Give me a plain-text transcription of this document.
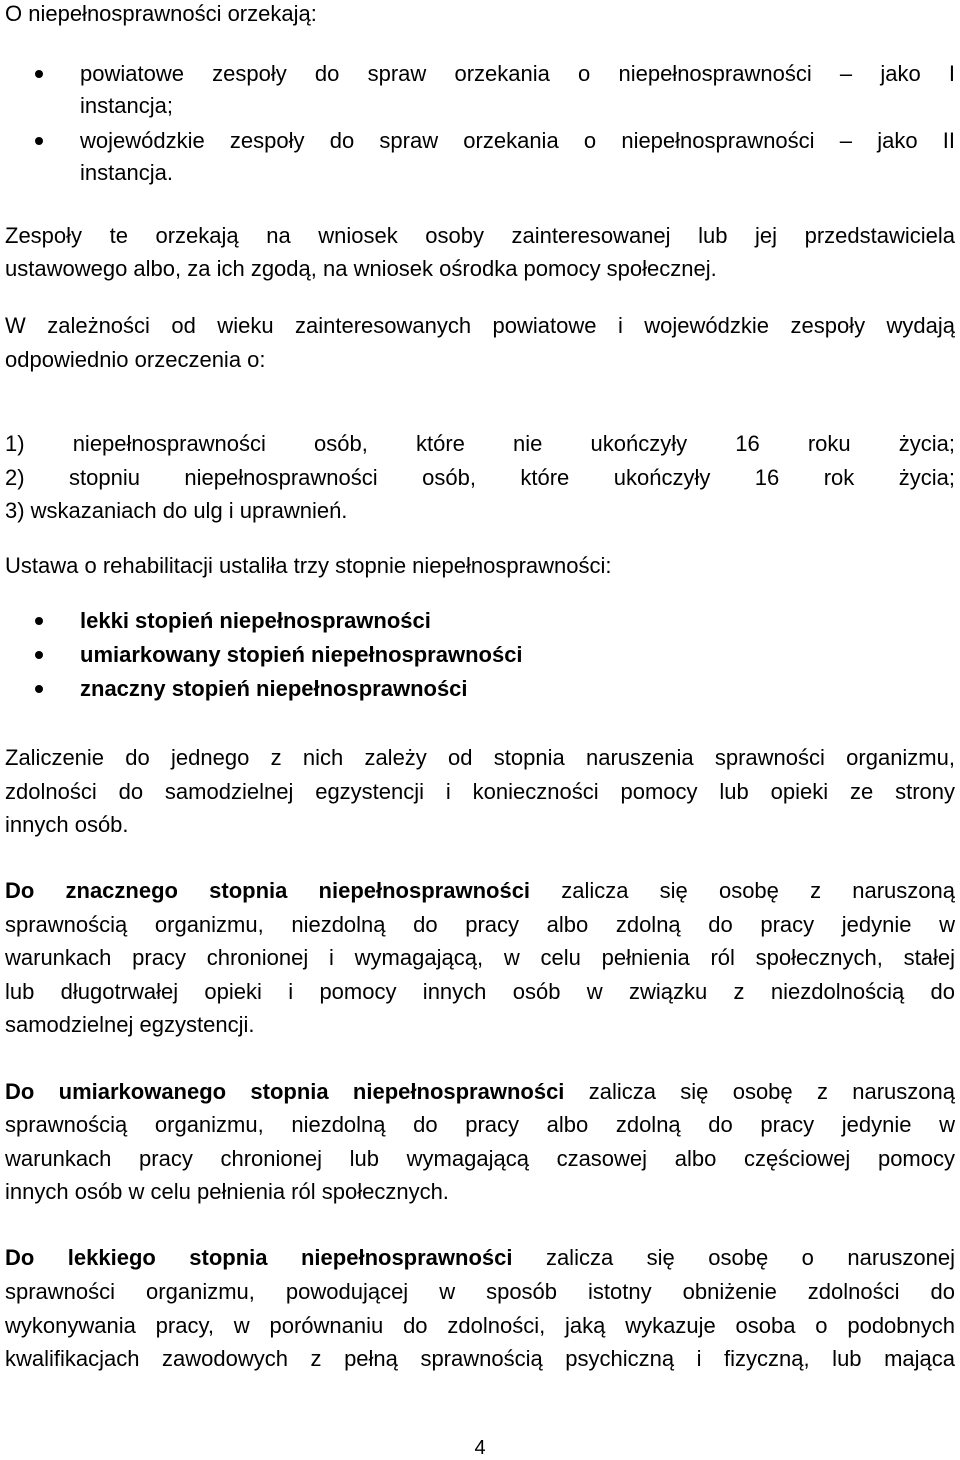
O niepełnosprawności orzekają:
powiatowe zespoły do spraw orzekania o niepełnosprawności – jako I
instancja;
wojewódzkie zespoły do spraw orzekania o niepełnosprawności – jako II
instancja.
Zespoły te orzekają na wniosek osoby zainteresowanej lub jej przedstawiciela
ustawowego albo, za ich zgodą, na wniosek ośrodka pomocy społecznej.
W zależności od wieku zainteresowanych powiatowe i wojewódzkie zespoły wydają
odpowiednio orzeczenia o:
1) niepełnosprawności osób, które nie ukończyły 16 roku życia;
2) stopniu niepełnosprawności osób, które ukończyły 16 rok życia;
3) wskazaniach do ulg i uprawnień.
Ustawa o rehabilitacji ustaliła trzy stopnie niepełnosprawności:
lekki stopień niepełnosprawności
umiarkowany stopień niepełnosprawności
znaczny stopień niepełnosprawności
Zaliczenie do jednego z nich zależy od stopnia naruszenia sprawności organizmu,
zdolności do samodzielnej egzystencji i konieczności pomocy lub opieki ze strony
innych osób.
Do znacznego stopnia niepełnosprawności zalicza się osobę z naruszoną
sprawnością organizmu, niezdolną do pracy albo zdolną do pracy jedynie w
warunkach pracy chronionej i wymagającą, w celu pełnienia ról społecznych, stałej
lub długotrwałej opieki i pomocy innych osób w związku z niezdolnością do
samodzielnej egzystencji.
Do umiarkowanego stopnia niepełnosprawności zalicza się osobę z naruszoną
sprawnością organizmu, niezdolną do pracy albo zdolną do pracy jedynie w
warunkach pracy chronionej lub wymagającą czasowej albo częściowej pomocy
innych osób w celu pełnienia ról społecznych.
Do lekkiego stopnia niepełnosprawności zalicza się osobę o naruszonej
sprawności organizmu, powodującej w sposób istotny obniżenie zdolności do
wykonywania pracy, w porównaniu do zdolności, jaką wykazuje osoba o podobnych
kwalifikacjach zawodowych z pełną sprawnością psychiczną i fizyczną, lub mająca
4
